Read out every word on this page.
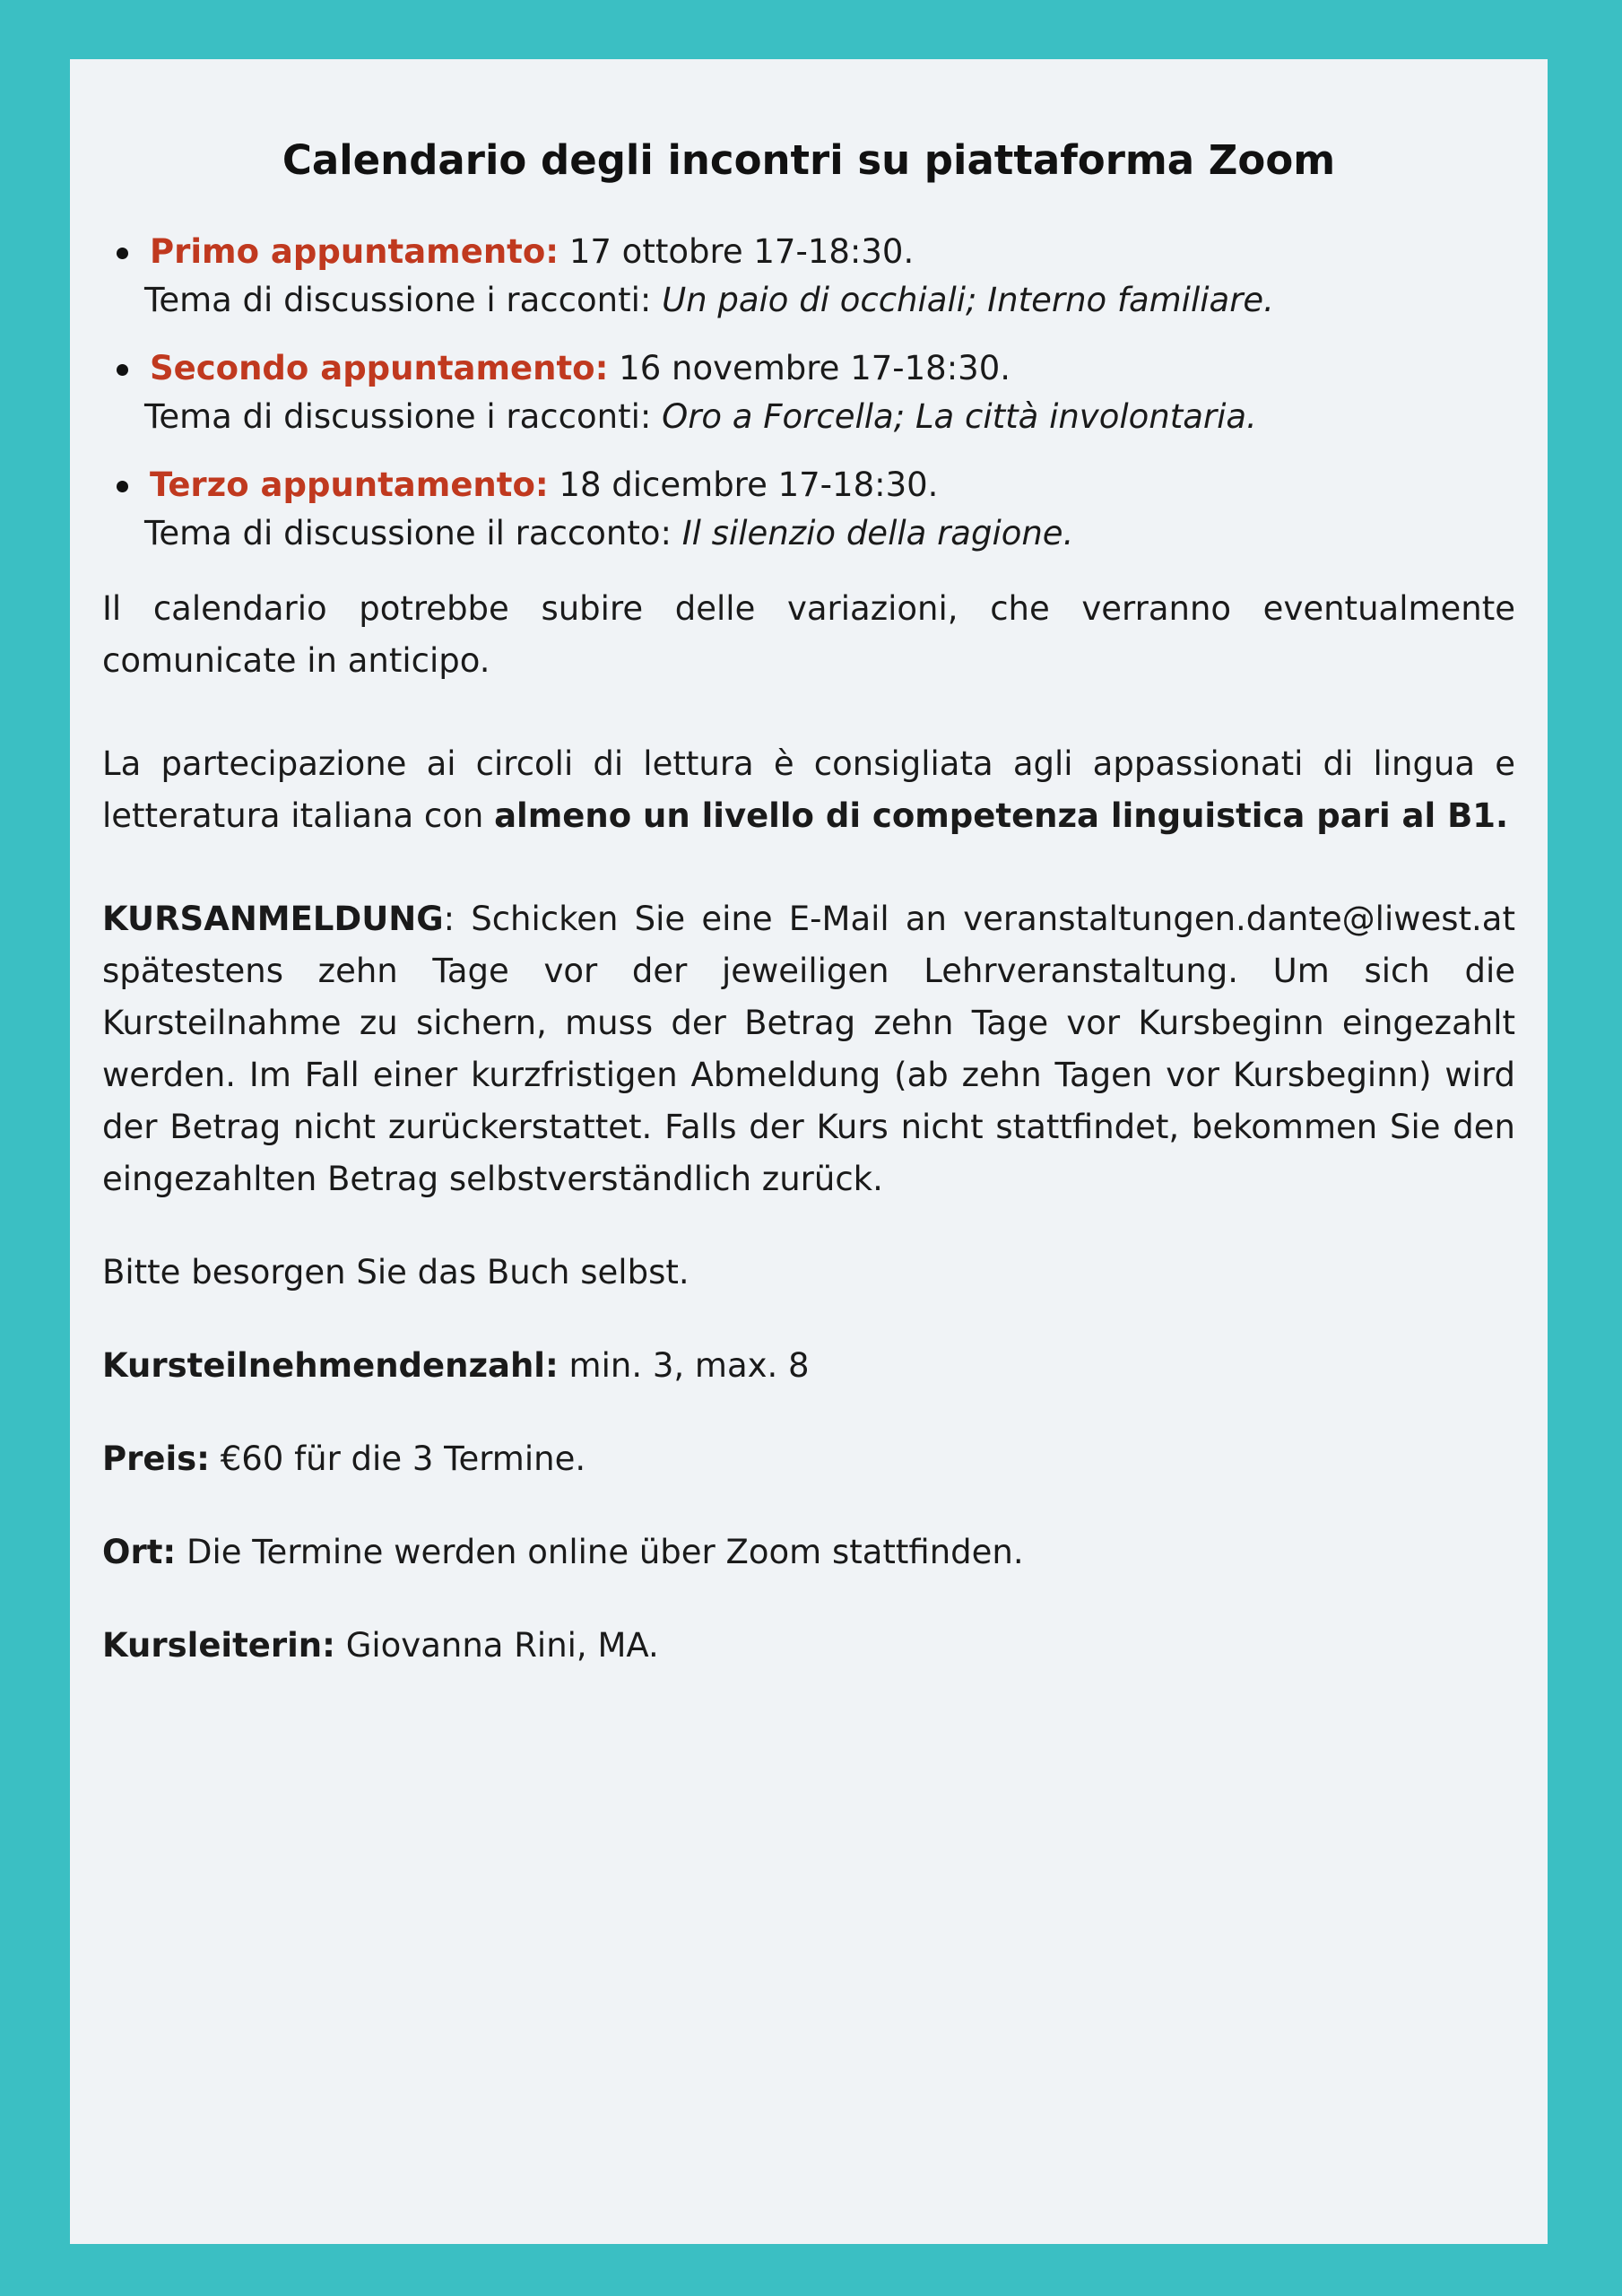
Calendario degli incontri su piattaforma Zoom
Primo appuntamento: 17 ottobre 17-18:30.
Tema di discussione i racconti: Un paio di occhiali; Interno familiare.
Secondo appuntamento: 16 novembre 17-18:30.
Tema di discussione i racconti: Oro a Forcella; La città involontaria.
Terzo appuntamento: 18 dicembre 17-18:30.
Tema di discussione il racconto: Il silenzio della ragione.

Il calendario potrebbe subire delle variazioni, che verranno eventualmente comunicate in anticipo.

La partecipazione ai circoli di lettura è consigliata agli appassionati di lingua e letteratura italiana con almeno un livello di competenza linguistica pari al B1.

KURSANMELDUNG: Schicken Sie eine E-Mail an veranstaltungen.dante@liwest.at spätestens zehn Tage vor der jeweiligen Lehrveranstaltung. Um sich die Kursteilnahme zu sichern, muss der Betrag zehn Tage vor Kursbeginn eingezahlt werden. Im Fall einer kurzfristigen Abmeldung (ab zehn Tagen vor Kursbeginn) wird der Betrag nicht zurückerstattet. Falls der Kurs nicht stattfindet, bekommen Sie den eingezahlten Betrag selbstverständlich zurück.

Bitte besorgen Sie das Buch selbst.

Kursteilnehmendenzahl: min. 3, max. 8

Preis: €60 für die 3 Termine.

Ort: Die Termine werden online über Zoom stattfinden.

Kursleiterin: Giovanna Rini, MA.
